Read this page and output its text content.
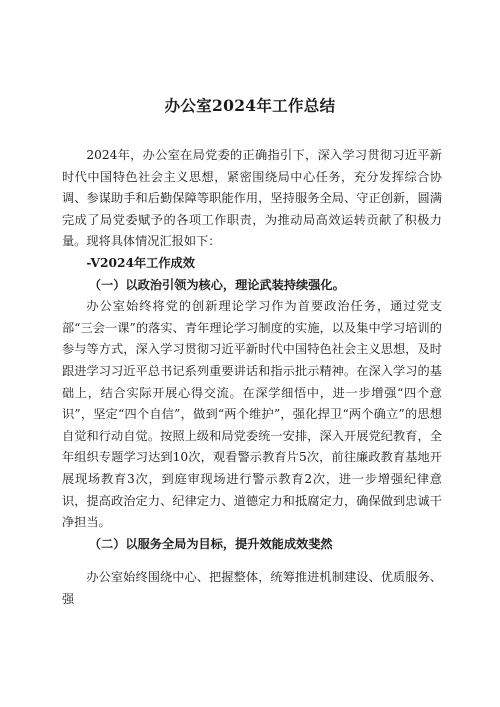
办公室2024年工作总结

2024年，办公室在局党委的正确指引下，深入学习贯彻习近平新时代中国特色社会主义思想，紧密围绕局中心任务，充分发挥综合协调、参谋助手和后勤保障等职能作用，坚持服务全局、守正创新，圆满完成了局党委赋予的各项工作职责，为推动局高效运转贡献了积极力量。现将具体情况汇报如下：

-V2024年工作成效
（一）以政治引领为核心，理论武装持续强化。

办公室始终将党的创新理论学习作为首要政治任务，通过党支部“三会一课”的落实、青年理论学习制度的实施，以及集中学习培训的参与等方式，深入学习贯彻习近平新时代中国特色社会主义思想，及时跟进学习习近平总书记系列重要讲话和指示批示精神。在深入学习的基础上，结合实际开展心得交流。在深学细悟中，进一步增强“四个意识”，坚定“四个自信”，做到“两个维护”，强化捍卫“两个确立”的思想自觉和行动自觉。按照上级和局党委统一安排，深入开展党纪教育，全年组织专题学习达到10次，观看警示教育片5次，前往廉政教育基地开展现场教育3次，到庭审现场进行警示教育2次，进一步增强纪律意识，提高政治定力、纪律定力、道德定力和抵腐定力，确保做到忠诚干净担当。

（二）以服务全局为目标，提升效能成效斐然

办公室始终围绕中心、把握整体，统筹推进机制建设、优质服务、强
